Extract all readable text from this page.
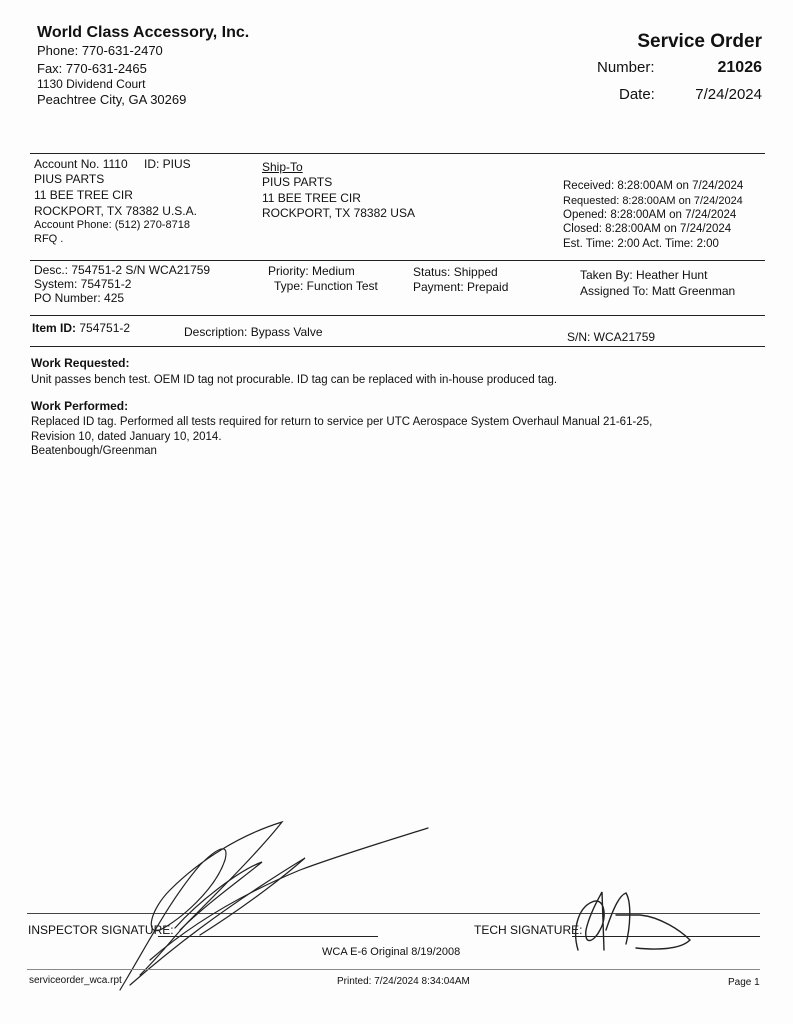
World Class Accessory, Inc.
Phone: 770-631-2470
Fax: 770-631-2465
1130 Dividend Court
Peachtree City, GA 30269
Service Order
Number:	21026
Date:	7/24/2024
Account No. 1110 ID: PIUS
PIUS PARTS
11 BEE TREE CIR
ROCKPORT, TX 78382 U.S.A.
Account Phone: (512) 270-8718
RFQ .
Ship-To
PIUS PARTS
11 BEE TREE CIR
ROCKPORT, TX 78382 USA
Received: 8:28:00AM on 7/24/2024
Requested: 8:28:00AM on 7/24/2024
Opened: 8:28:00AM on 7/24/2024
Closed: 8:28:00AM on 7/24/2024
Est. Time: 2:00 Act. Time: 2:00
Desc.: 754751-2 S/N WCA21759
System: 754751-2
PO Number: 425
Priority: Medium
Type: Function Test
Status: Shipped
Payment: Prepaid
Taken By: Heather Hunt
Assigned To: Matt Greenman
Item ID: 754751-2	Description: Bypass Valve	S/N: WCA21759
Work Requested:
Unit passes bench test. OEM ID tag not procurable. ID tag can be replaced with in-house produced tag.
Work Performed:
Replaced ID tag. Performed all tests required for return to service per UTC Aerospace System Overhaul Manual 21-61-25,
Revision 10, dated January 10, 2014.
Beatenbough/Greenman
INSPECTOR SIGNATURE:	TECH SIGNATURE:
WCA E-6 Original 8/19/2008
serviceorder_wca.rpt	Printed: 7/24/2024 8:34:04AM	Page 1
